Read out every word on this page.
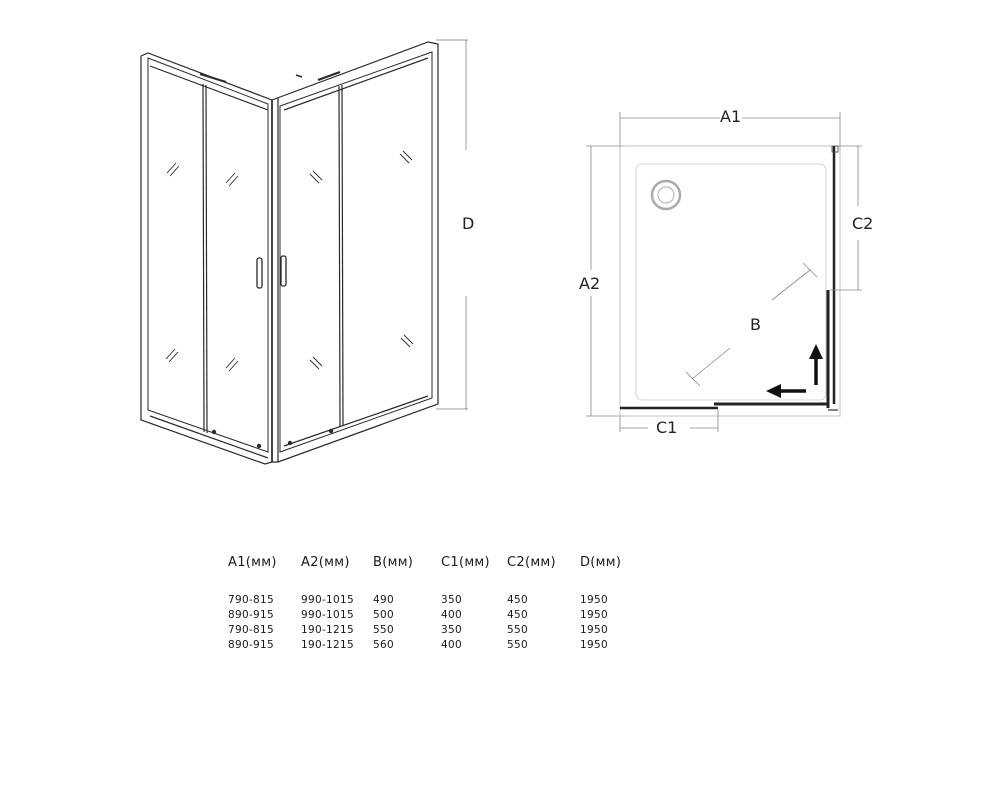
D
A1
A2
B
C1
C2
A1(мм)	A2(мм)	B(мм)	C1(мм)	C2(мм)	D(мм)
790-815	990-1015	490	350	450	1950
890-915	990-1015	500	400	450	1950
790-815	190-1215	550	350	550	1950
890-915	190-1215	560	400	550	1950
